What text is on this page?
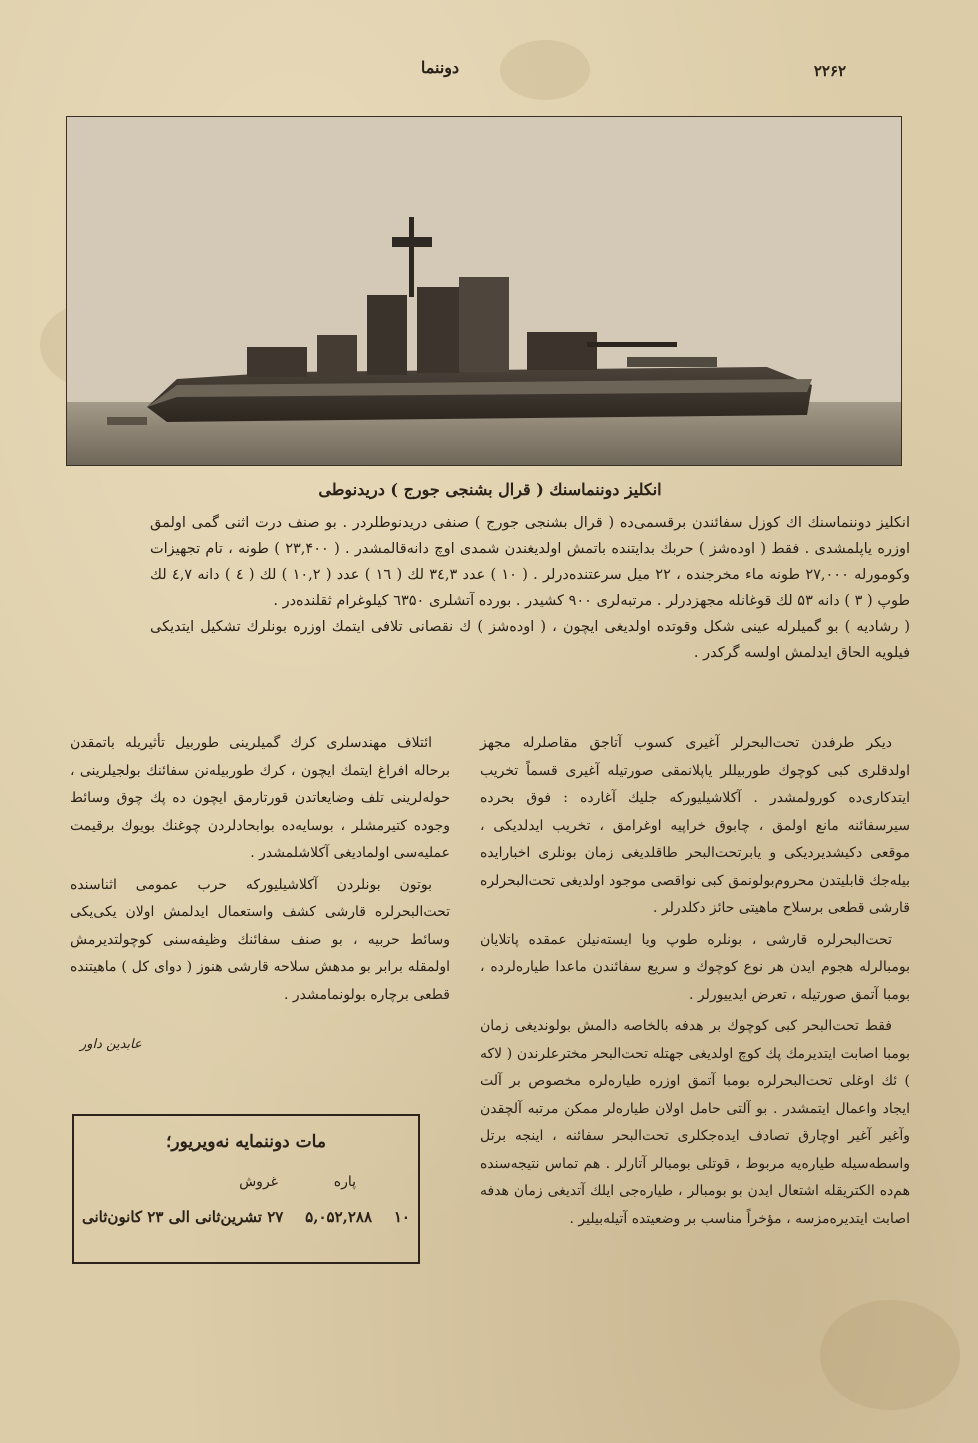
دوننما	۲۲۶۲
انکلیز دوننماسنك ( قرال بشنجی جورج ) دریدنوطی

انکلیز دوننماسنك اك كوزل سفائندن برقسمی‌ده ( قرال بشنجی جورج ) صنفی دریدنوطلردر . بو صنف درت اثنی گمی اولمق اوزره یاپلمشدی . فقط ( اوده‌شز ) حربك بدایتنده باتمش اولدیغندن شمدی اوچ دانه‌قالمشدر . ( ۲۳,۴۰۰ ) طونه ، تام تجهیزات وكومورله ۲۷,۰۰۰ طونه ماء مخرجنده ، ۲۲ میل سرعتنده‌درلر . ( ۱۰ ) عدد ۳٤,۳ لك ( ۱٦ ) عدد ( ۱۰,۲ ) لك ( ٤ ) دانه ٤,۷ لك طوپ ( ۳ ) دانه ۵۳ لك قوغانله مجهزدرلر . مرتبه‌لری ۹۰۰ كشیدر . بورده آتشلری ٦۳۵۰ كیلوغرام ثقلنده‌در .

( رشادیه ) بو گمیلرله عینی شكل وقوتده اولدیغی ایچون ، ( اوده‌شز ) ك نقصانی تلافی ایتمك اوزره بونلرك تشكیل ایتدیكی فیلویه الحاق ایدلمش اولسه گركدر .

دیكر طرفدن تحت‌البحرلر آغیری كسوب آتاجق مقاصلرله مجهز اولدقلری كبی كوچوك طوربیللر یاپلانمقی صورتیله آغیری قسماً تخریب ایتدكاری‌ده كورولمشدر . آكلاشیلیوركه جلیك آغارده : فوق بحرده سیرسفائنه مانع اولمق ، چابوق خراپیه اوغرامق ، تخریب ایدلدیکی ، موقعی دكیشدیردیكی و یابرتحت‌البحر طاقلدیغی زمان بونلری اخبارایده بیله‌جك قابلیتدن محروم‌بولونمق كبی نواقصی موجود اولدیغی تحت‌البحرلره قارشی قطعی برسلاح ماهیتی حائز دكلدرلر .

تحت‌البحرلره قارشی ، بونلره طوپ ویا ایسته‌نیلن عمقده پاتلایان بومبالرله هجوم ایدن هر نوع كوچوك و سریع سفائندن ماعدا طیاره‌لرده ، بومبا آتمق صورتیله ، تعرض ایدییورلر .

فقط تحت‌البحر كبی كوچوك بر هدفه بالخاصه دالمش بولوندیغی زمان بومبا اصابت ایتدیرمك پك كوچ اولدیغی جهتله تحت‌البحر مخترعلرندن ( لاكه ) ئك اوغلی تحت‌البحرلره بومبا آتمق اوزره طیاره‌لره مخصوص بر آلت ایجاد واعمال ایتمشدر . بو آلتی حامل اولان طیاره‌لر ممكن مرتبه آلچقدن وآغیر آغیر اوچارق تصادف ایده‌جكلری تحت‌البحر سفائنه ، اینجه برتل واسطه‌سیله طیاره‌یه مربوط ، قوتلی بومبالر آتارلر . هم تماس نتیجه‌سنده هم‌ده الكتریقله اشتعال ایدن بو بومبالر ، طیاره‌جی ایلك آتدیغی زمان هدفه اصابت ایتدیره‌مزسه ، مؤخراً مناسب بر وضعیتده آتیله‌بیلیر .

ائتلاف مهندسلری كرك گمیلرینی طوربیل تأثیریله باتمقدن برحاله افراغ ایتمك ایچون ، كرك طوربیله‌نن سفائنك بولجیلرینی ، حوله‌لرینی تلف وضایعاتدن قورتارمق ایچون ده پك چوق وسائط وجوده كتیرمشلر ، بوسایه‌ده بوابحادلردن چوغنك بویوك برقیمت عملیه‌سی اولمادیغی آكلاشلمشدر .

بوتون بونلردن آكلاشیلیوركه حرب عمومی اثناسنده تحت‌البحرلره قارشی كشف واستعمال ایدلمش اولان یكی‌یكی وسائط حربیه ، بو صنف سفائنك وظیفه‌سنی كوچولتدیرمش اولمقله برابر بو مدهش سلاحه قارشی هنوز ( دوای كل ) ماهیتنده قطعی برچاره بولونمامشدر .

عابدین داور
مات دوننمایه نه‌ویریور؛
پاره
غروش
۱۰
۵,۰۵۲,۲۸۸
۲۷ تشرین‌ثانی الی ۲۳ كانون‌ثانی
